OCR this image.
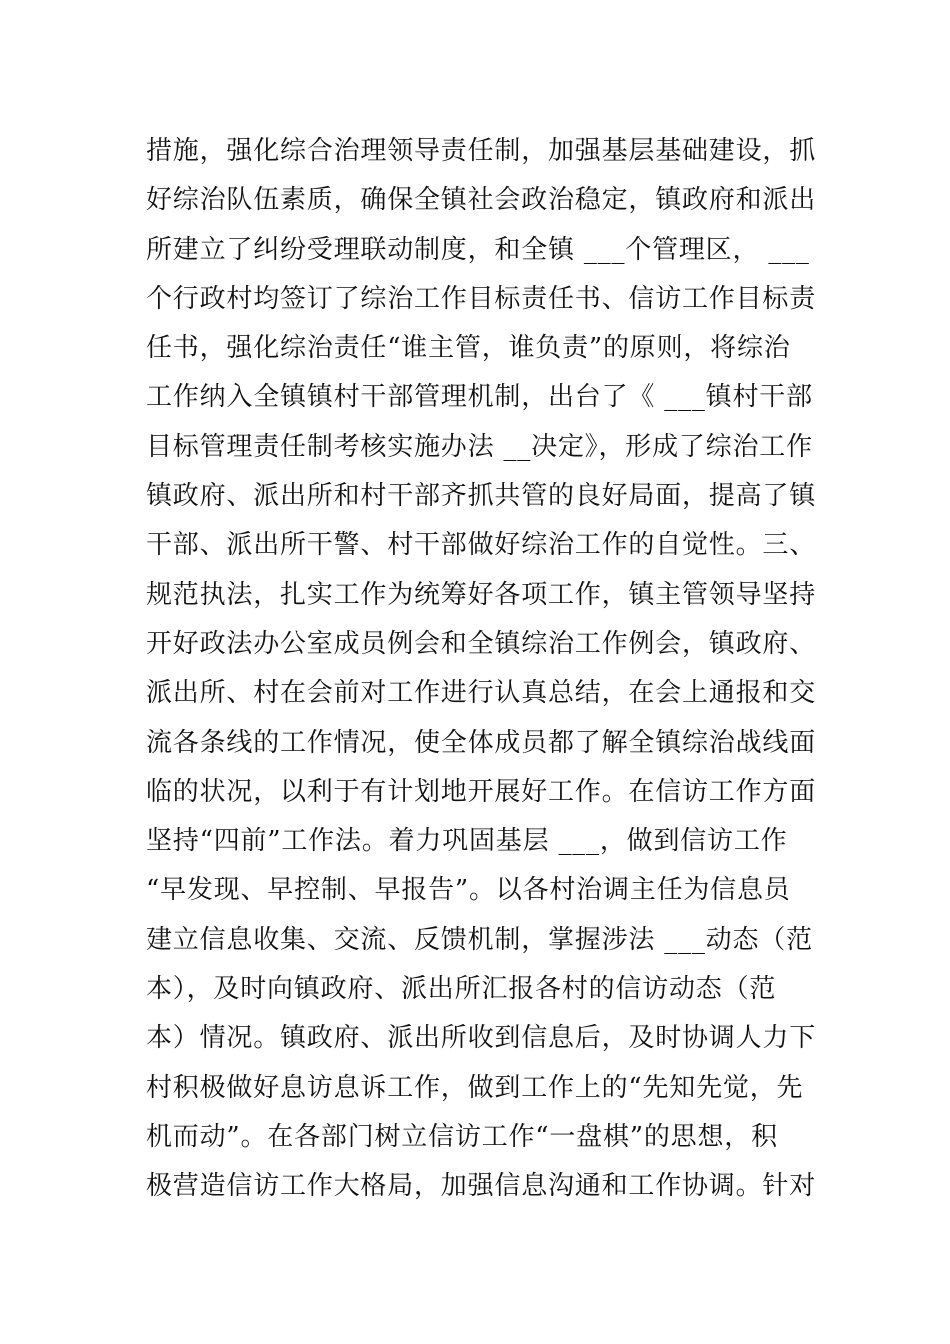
措施，强化综合治理领导责任制，加强基层基础建设，抓
好综治队伍素质，确保全镇社会政治稳定，镇政府和派出
所建立了纠纷受理联动制度，和全镇 ___个管理区， ___
个行政村均签订了综治工作目标责任书、信访工作目标责
任书，强化综治责任“谁主管，谁负责”的原则，将综治
工作纳入全镇镇村干部管理机制，出台了《 ___镇村干部
目标管理责任制考核实施办法 __决定》，形成了综治工作
镇政府、派出所和村干部齐抓共管的良好局面，提高了镇
干部、派出所干警、村干部做好综治工作的自觉性。三、
规范执法，扎实工作为统筹好各项工作，镇主管领导坚持
开好政法办公室成员例会和全镇综治工作例会，镇政府、
派出所、村在会前对工作进行认真总结，在会上通报和交
流各条线的工作情况，使全体成员都了解全镇综治战线面
临的状况，以利于有计划地开展好工作。在信访工作方面
坚持“四前”工作法。着力巩固基层 ___，做到信访工作
“早发现、早控制、早报告”。以各村治调主任为信息员
建立信息收集、交流、反馈机制，掌握涉法 ___动态（范
本），及时向镇政府、派出所汇报各村的信访动态（范
本）情况。镇政府、派出所收到信息后，及时协调人力下
村积极做好息访息诉工作，做到工作上的“先知先觉，先
机而动”。在各部门树立信访工作“一盘棋”的思想，积
极营造信访工作大格局，加强信息沟通和工作协调。针对
